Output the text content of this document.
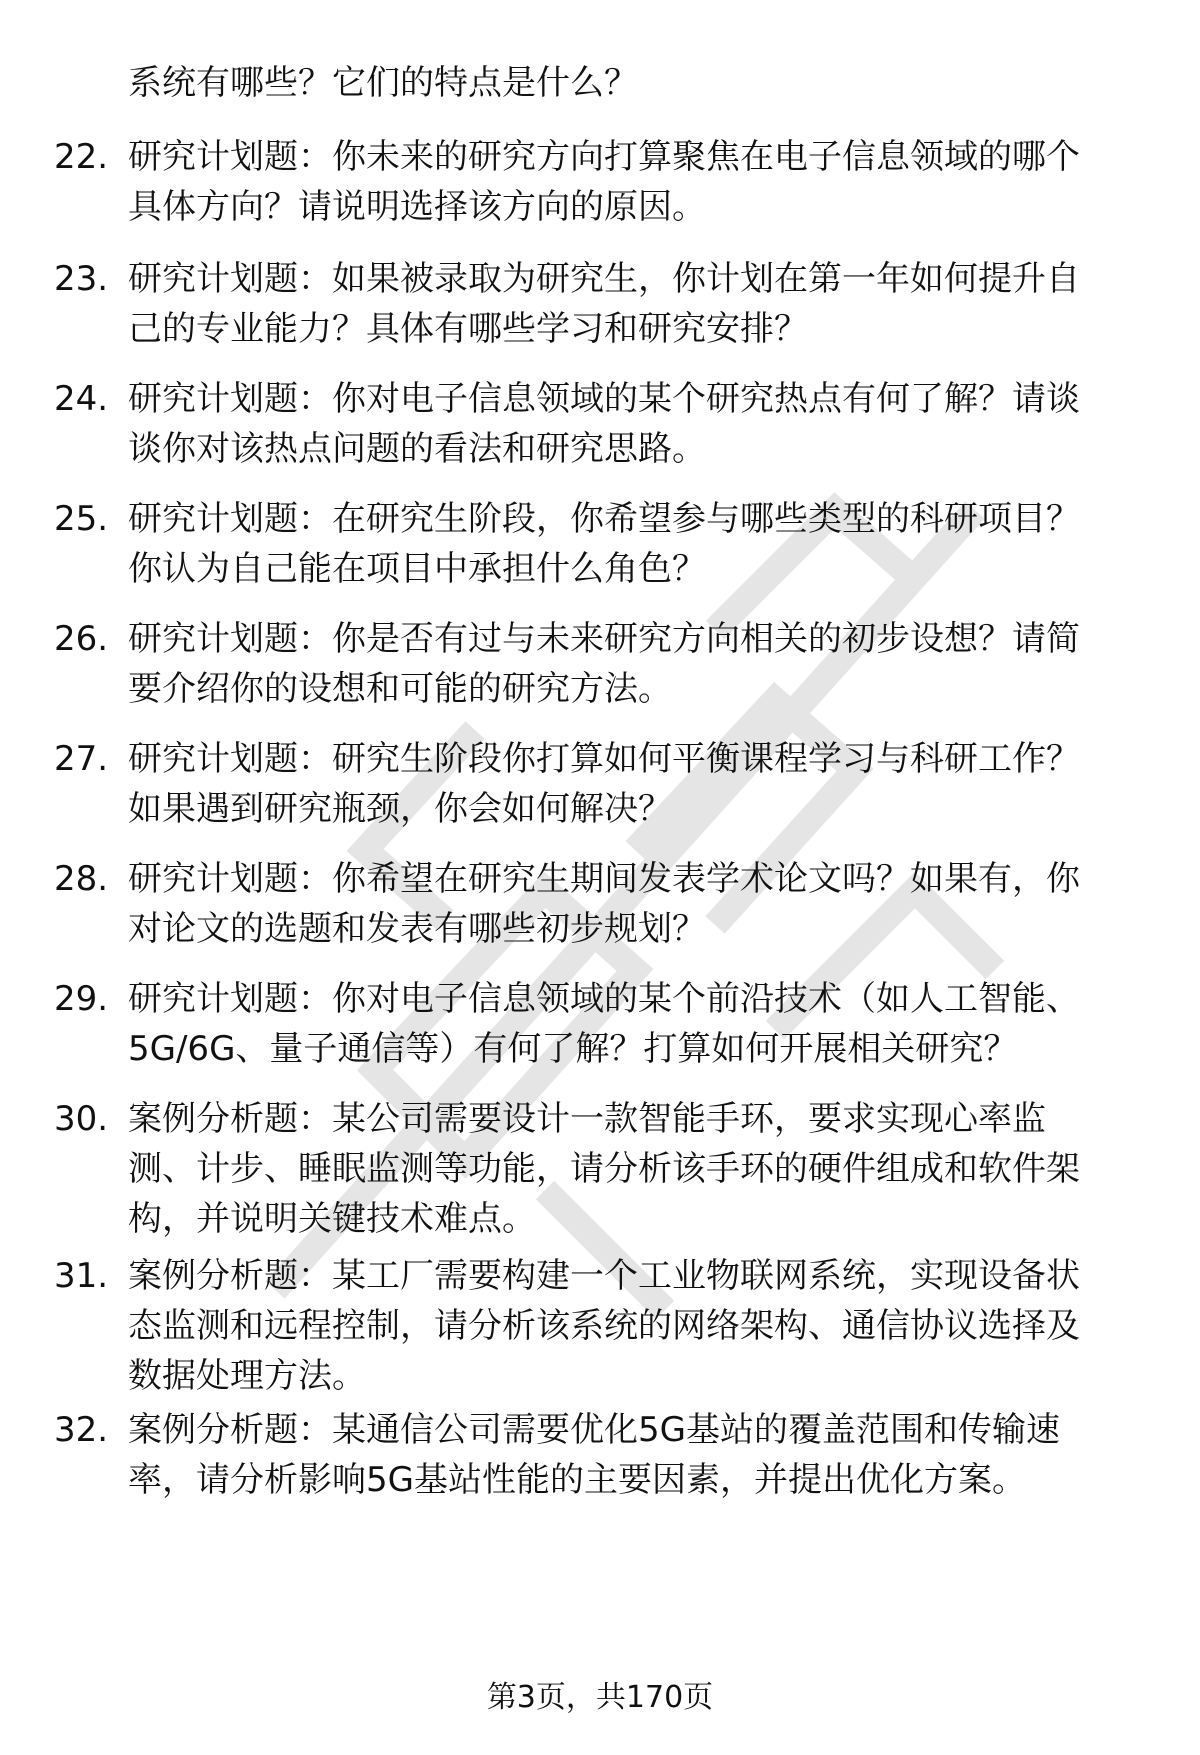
系统有哪些？它们的特点是什么？
22. 研究计划题：你未来的研究方向打算聚焦在电子信息领域的哪个
具体方向？请说明选择该方向的原因。
23. 研究计划题：如果被录取为研究生，你计划在第一年如何提升自
己的专业能力？具体有哪些学习和研究安排？
24. 研究计划题：你对电子信息领域的某个研究热点有何了解？请谈
谈你对该热点问题的看法和研究思路。
25. 研究计划题：在研究生阶段，你希望参与哪些类型的科研项目？
你认为自己能在项目中承担什么角色？
26. 研究计划题：你是否有过与未来研究方向相关的初步设想？请简
要介绍你的设想和可能的研究方法。
27. 研究计划题：研究生阶段你打算如何平衡课程学习与科研工作？
如果遇到研究瓶颈，你会如何解决？
28. 研究计划题：你希望在研究生期间发表学术论文吗？如果有，你
对论文的选题和发表有哪些初步规划？
29. 研究计划题：你对电子信息领域的某个前沿技术（如人工智能、
5G/6G、量子通信等）有何了解？打算如何开展相关研究？
30. 案例分析题：某公司需要设计一款智能手环，要求实现心率监
测、计步、睡眠监测等功能，请分析该手环的硬件组成和软件架
构，并说明关键技术难点。
31. 案例分析题：某工厂需要构建一个工业物联网系统，实现设备状
态监测和远程控制，请分析该系统的网络架构、通信协议选择及
数据处理方法。
32. 案例分析题：某通信公司需要优化5G基站的覆盖范围和传输速
率，请分析影响5G基站性能的主要因素，并提出优化方案。
第3页，共170页
